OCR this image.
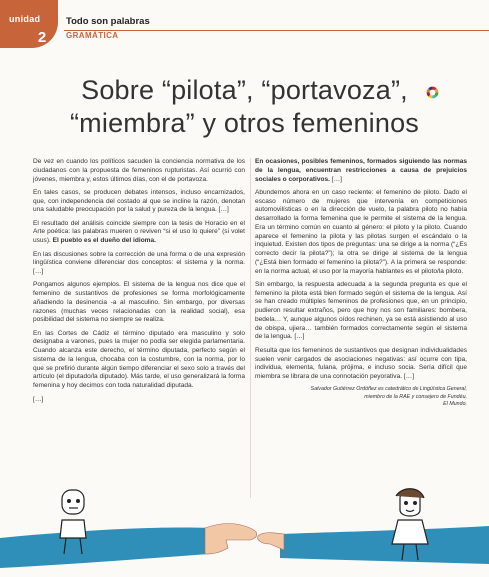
unidad
2
Todo son palabras
GRAMÁTICA
Sobre “pilota”, “portavoza”,
“miembra” y otros femeninos

De vez en cuando los políticos sacuden la conciencia normativa de los ciudadanos con la propuesta de femeninos rupturistas. Así ocurrió con jóvenes, miembra y, estos últimos días, con el de portavoza.

En tales casos, se producen debates intensos, incluso encarnizados, que, con independencia del costado al que se incline la razón, denotan una saludable preocupación por la salud y pureza de la lengua. […]

El resultado del análisis coincide siempre con la tesis de Horacio en el Arte poética: las palabras mueren o reviven “si el uso lo quiere” (si volet usus). El pueblo es el dueño del idioma.

En las discusiones sobre la corrección de una forma o de una expresión lingüística conviene diferenciar dos conceptos: el sistema y la norma. […]

Pongamos algunos ejemplos. El sistema de la lengua nos dice que el femenino de sustantivos de profesiones se forma morfológicamente añadiendo la desinencia -a al masculino. Sin embargo, por diversas razones (muchas veces relacionadas con la realidad social), esa posibilidad del sistema no siempre se realiza.

En las Cortes de Cádiz el término diputado era masculino y solo designaba a varones, pues la mujer no podía ser elegida parlamentaria. Cuando alcanza este derecho, el término diputada, perfecto según el sistema de la lengua, chocaba con la costumbre, con la norma, por lo que se prefirió durante algún tiempo diferenciar el sexo solo a través del artículo (el diputado/la diputado). Más tarde, el uso generalizará la forma femenina y hoy decimos con toda naturalidad diputada.

[…]

En ocasiones, posibles femeninos, formados siguiendo las normas de la lengua, encuentran restricciones a causa de prejuicios sociales o corporativos. […]

Abundemos ahora en un caso reciente: el femenino de piloto. Dado el escaso número de mujeres que intervenía en competiciones automovilísticas o en la dirección de vuelo, la palabra piloto no había desarrollado la forma femenina que le permite el sistema de la lengua. Era un término común en cuanto al género: el piloto y la piloto. Cuando aparece el femenino la pilota y las pilotas surgen el escándalo o la inquietud. Existen dos tipos de preguntas: una se dirige a la norma (“¿Es correcto decir la pilota?”); la otra se dirige al sistema de la lengua (“¿Está bien formado el femenino la pilota?”). A la primera se responde: en la norma actual, el uso por la mayoría hablantes es el piloto/la piloto.

Sin embargo, la respuesta adecuada a la segunda pregunta es que el femenino la pilota está bien formado según el sistema de la lengua. Así se han creado múltiples femeninos de profesiones que, en un principio, pudieron resultar extraños, pero que hoy nos son familiares: bombera, bedela… Y, aunque algunos oídos rechinen, ya se está asistiendo al uso de obispa, ujiera… también formados correctamente según el sistema de la lengua. […]

Resulta que los femeninos de sustantivos que designan individualidades suelen venir cargados de asociaciones negativas: así ocurre con tipa, individua, elementa, fulana, prójima, e incluso socia. Sería difícil que miembra se librara de una connotación peyorativa. […]

Salvador Gutiérrez Ordóñez es catedrático de Lingüística General,
miembro de la RAE y consejero de Fundéu.
El Mundo.
